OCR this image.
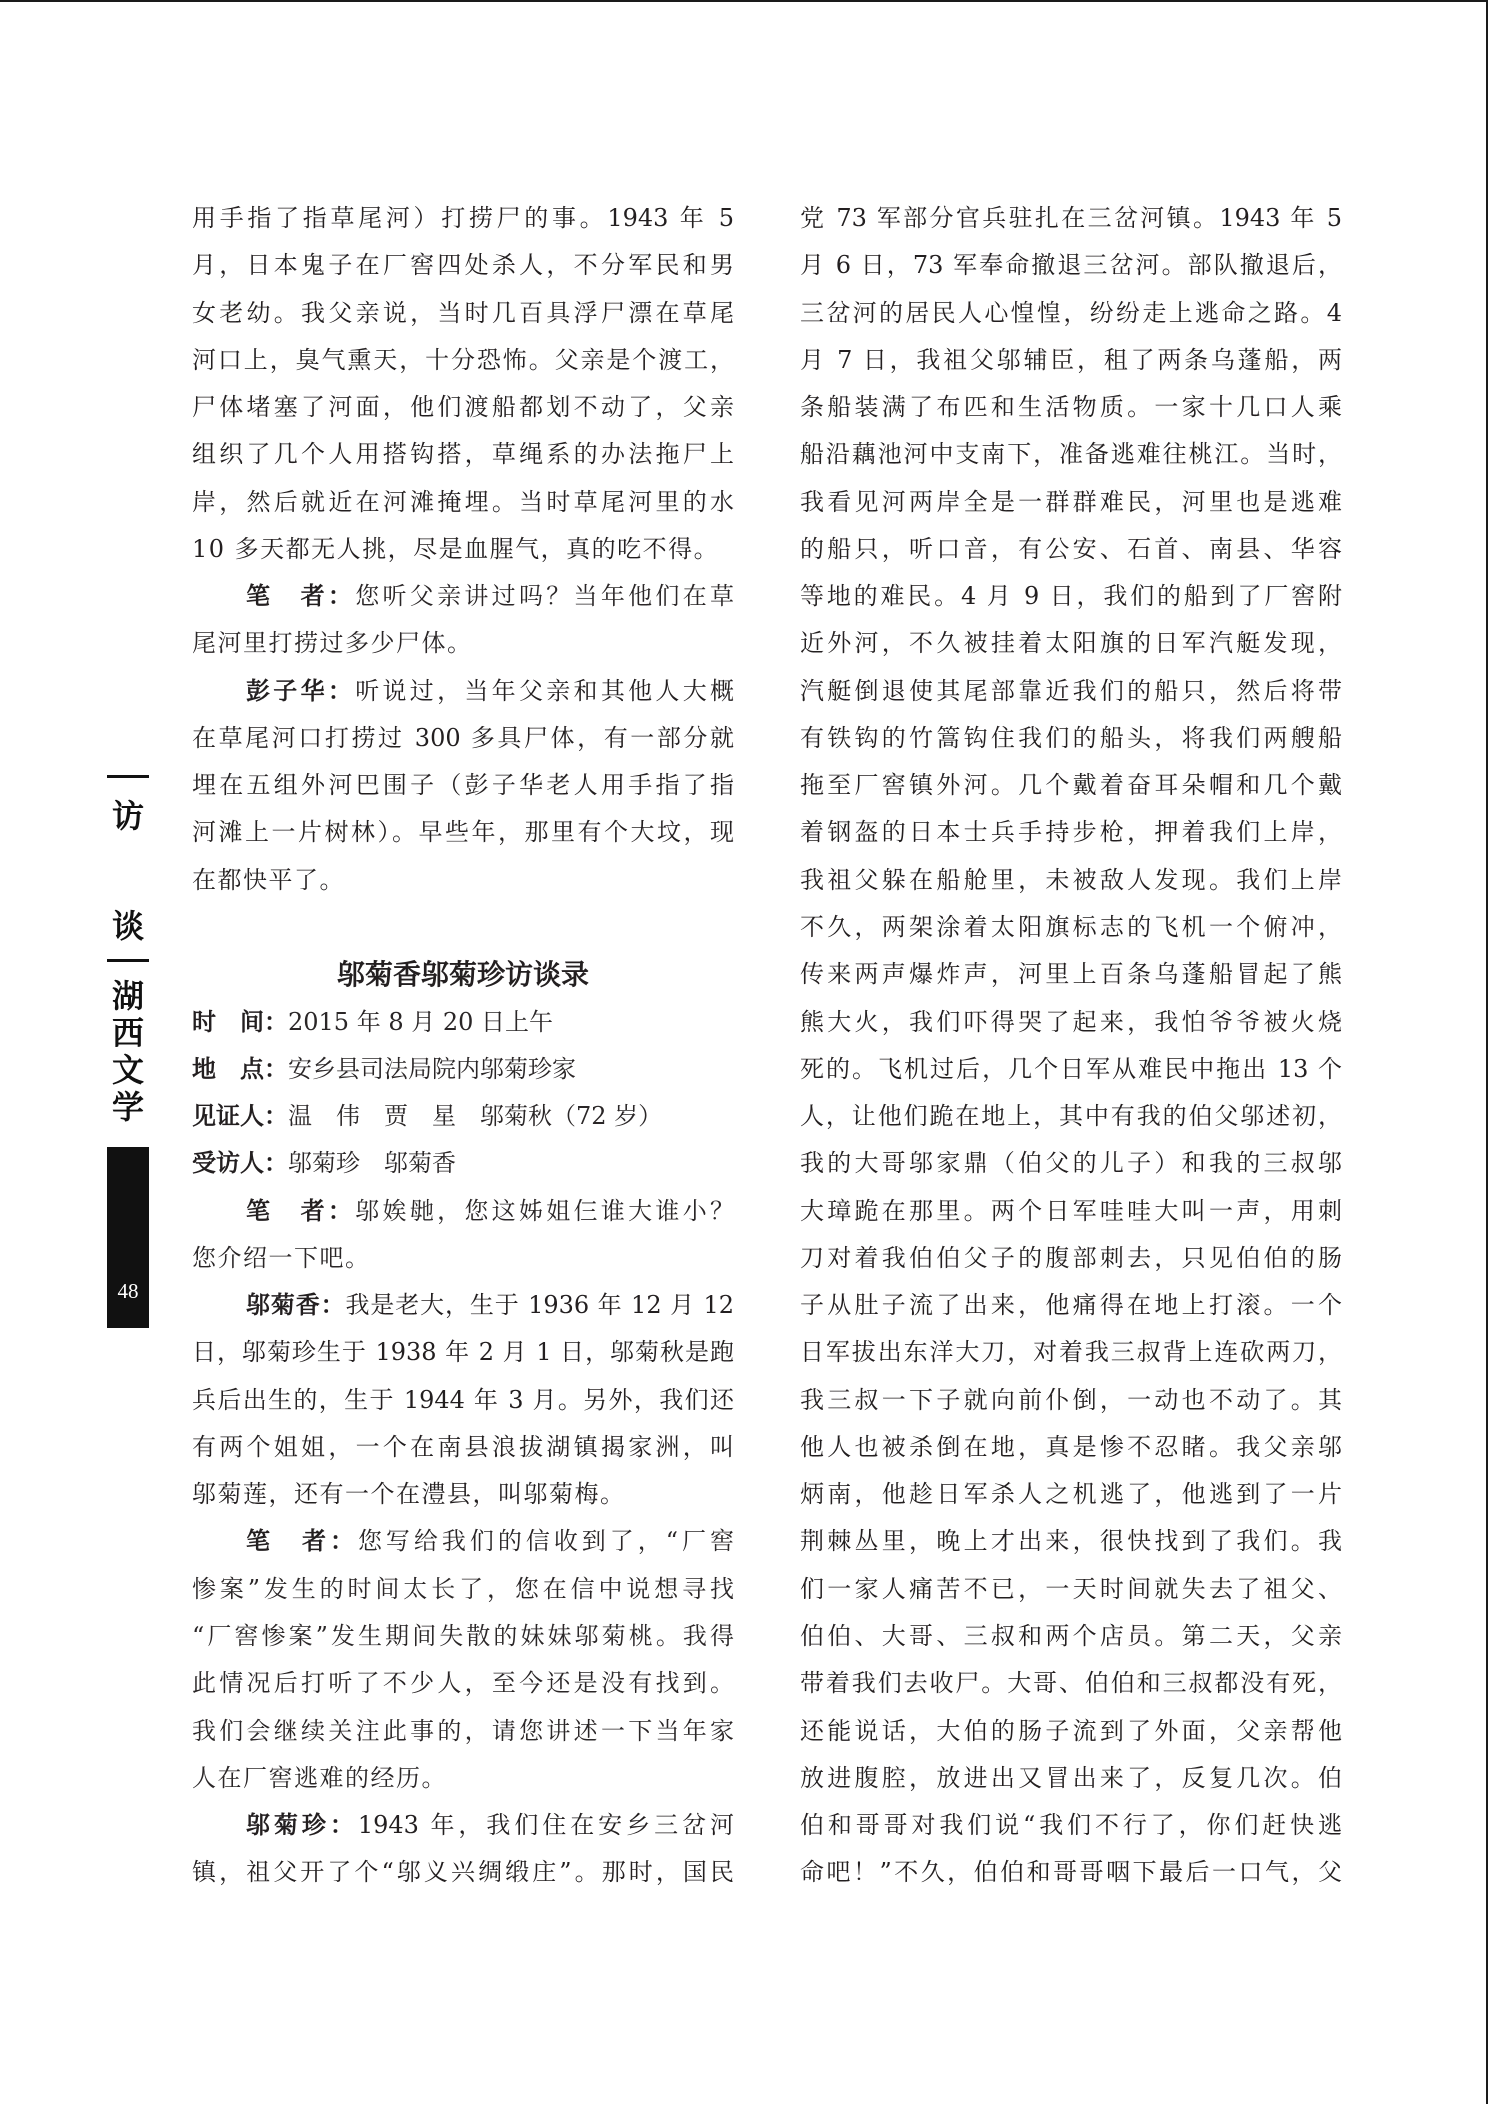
访
谈
湖西文学
48
用手指了指草尾河）打捞尸的事。1943 年 5
月，日本鬼子在厂窖四处杀人，不分军民和男
女老幼。我父亲说，当时几百具浮尸漂在草尾
河口上，臭气熏天，十分恐怖。父亲是个渡工，
尸体堵塞了河面，他们渡船都划不动了，父亲
组织了几个人用搭钩搭，草绳系的办法拖尸上
岸，然后就近在河滩掩埋。当时草尾河里的水
10 多天都无人挑，尽是血腥气，真的吃不得。
笔　者：您听父亲讲过吗？当年他们在草
尾河里打捞过多少尸体。
彭子华：听说过，当年父亲和其他人大概
在草尾河口打捞过 300 多具尸体，有一部分就
埋在五组外河巴围子（彭子华老人用手指了指
河滩上一片树林）。早些年，那里有个大坟，现
在都快平了。
邬菊香邬菊珍访谈录
时　间：2015 年 8 月 20 日上午
地　点：安乡县司法局院内邬菊珍家
见证人：温　伟　贾　星　邬菊秋（72 岁）
受访人：邬菊珍　邬菊香
笔　者：邬娭毑，您这姊姐仨谁大谁小？
您介绍一下吧。
邬菊香：我是老大，生于 1936 年 12 月 12
日，邬菊珍生于 1938 年 2 月 1 日，邬菊秋是跑
兵后出生的，生于 1944 年 3 月。另外，我们还
有两个姐姐，一个在南县浪拔湖镇揭家洲，叫
邬菊莲，还有一个在澧县，叫邬菊梅。
笔　者：您写给我们的信收到了，“厂窖
惨案”发生的时间太长了，您在信中说想寻找
“厂窖惨案”发生期间失散的妹妹邬菊桃。我得
此情况后打听了不少人，至今还是没有找到。
我们会继续关注此事的，请您讲述一下当年家
人在厂窖逃难的经历。
邬菊珍：1943 年，我们住在安乡三岔河
镇，祖父开了个“邬义兴绸缎庄”。那时，国民
党 73 军部分官兵驻扎在三岔河镇。1943 年 5
月 6 日，73 军奉命撤退三岔河。部队撤退后，
三岔河的居民人心惶惶，纷纷走上逃命之路。4
月 7 日，我祖父邬辅臣，租了两条乌蓬船，两
条船装满了布匹和生活物质。一家十几口人乘
船沿藕池河中支南下，准备逃难往桃江。当时，
我看见河两岸全是一群群难民，河里也是逃难
的船只，听口音，有公安、石首、南县、华容
等地的难民。4 月 9 日，我们的船到了厂窖附
近外河，不久被挂着太阳旗的日军汽艇发现，
汽艇倒退使其尾部靠近我们的船只，然后将带
有铁钩的竹篙钩住我们的船头，将我们两艘船
拖至厂窖镇外河。几个戴着奋耳朵帽和几个戴
着钢盔的日本士兵手持步枪，押着我们上岸，
我祖父躲在船舱里，未被敌人发现。我们上岸
不久，两架涂着太阳旗标志的飞机一个俯冲，
传来两声爆炸声，河里上百条乌蓬船冒起了熊
熊大火，我们吓得哭了起来，我怕爷爷被火烧
死的。飞机过后，几个日军从难民中拖出 13 个
人，让他们跪在地上，其中有我的伯父邬述初，
我的大哥邬家鼎（伯父的儿子）和我的三叔邬
大璋跪在那里。两个日军哇哇大叫一声，用刺
刀对着我伯伯父子的腹部刺去，只见伯伯的肠
子从肚子流了出来，他痛得在地上打滚。一个
日军拔出东洋大刀，对着我三叔背上连砍两刀，
我三叔一下子就向前仆倒，一动也不动了。其
他人也被杀倒在地，真是惨不忍睹。我父亲邬
炳南，他趁日军杀人之机逃了，他逃到了一片
荆棘丛里，晚上才出来，很快找到了我们。我
们一家人痛苦不已，一天时间就失去了祖父、
伯伯、大哥、三叔和两个店员。第二天，父亲
带着我们去收尸。大哥、伯伯和三叔都没有死，
还能说话，大伯的肠子流到了外面，父亲帮他
放进腹腔，放进出又冒出来了，反复几次。伯
伯和哥哥对我们说“我们不行了，你们赶快逃
命吧！”不久，伯伯和哥哥咽下最后一口气，父
